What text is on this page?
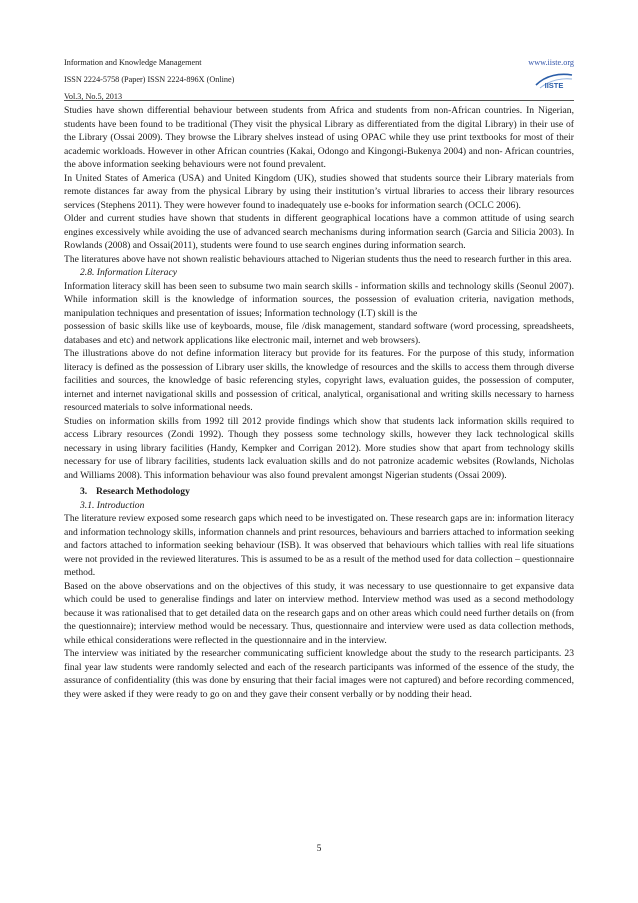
Information and Knowledge Management
ISSN 2224-5758 (Paper) ISSN 2224-896X (Online)
Vol.3, No.5, 2013
www.iiste.org
IISTE

Studies have shown differential behaviour between students from Africa and students from non-African countries. In Nigerian, students have been found to be traditional (They visit the physical Library as differentiated from the digital Library) in their use of the Library (Ossai 2009). They browse the Library shelves instead of using OPAC while they use print textbooks for most of their academic workloads. However in other African countries (Kakai, Odongo and Kingongi-Bukenya 2004) and non- African countries, the above information seeking behaviours were not found prevalent.

In United States of America (USA) and United Kingdom (UK), studies showed that students source their Library materials from remote distances far away from the physical Library by using their institution’s virtual libraries to access their library resources services (Stephens 2011). They were however found to inadequately use e-books for information search (OCLC 2006).

Older and current studies have shown that students in different geographical locations have a common attitude of using search engines excessively while avoiding the use of advanced search mechanisms during information search (Garcia and Silicia 2003). In Rowlands (2008) and Ossai(2011), students were found to use search engines during information search.

The literatures above have not shown realistic behaviours attached to Nigerian students thus the need to research further in this area.

2.8. Information Literacy

Information literacy skill has been seen to subsume two main search skills - information skills and technology skills (Seonul 2007). While information skill is the knowledge of information sources, the possession of evaluation criteria, navigation methods, manipulation techniques and presentation of issues; Information technology (I.T) skill is the

possession of basic skills like use of keyboards, mouse, file /disk management, standard software (word processing, spreadsheets, databases and etc) and network applications like electronic mail, internet and web browsers).

The illustrations above do not define information literacy but provide for its features. For the purpose of this study, information literacy is defined as the possession of Library user skills, the knowledge of resources and the skills to access them through diverse facilities and sources, the knowledge of basic referencing styles, copyright laws, evaluation guides, the possession of computer, internet and internet navigational skills and possession of critical, analytical, organisational and writing skills necessary to harness resourced materials to solve informational needs.

Studies on information skills from 1992 till 2012 provide findings which show that students lack information skills required to access Library resources (Zondi 1992). Though they possess some technology skills, however they lack technological skills necessary in using library facilities (Handy, Kempker and Corrigan 2012). More studies show that apart from technology skills necessary for use of library facilities, students lack evaluation skills and do not patronize academic websites (Rowlands, Nicholas and Williams 2008). This information behaviour was also found prevalent amongst Nigerian students (Ossai 2009).

3. Research Methodology

3.1. Introduction

The literature review exposed some research gaps which need to be investigated on. These research gaps are in: information literacy and information technology skills, information channels and print resources, behaviours and barriers attached to information seeking and factors attached to information seeking behaviour (ISB). It was observed that behaviours which tallies with real life situations were not provided in the reviewed literatures. This is assumed to be as a result of the method used for data collection – questionnaire method.

Based on the above observations and on the objectives of this study, it was necessary to use questionnaire to get expansive data which could be used to generalise findings and later on interview method. Interview method was used as a second methodology because it was rationalised that to get detailed data on the research gaps and on other areas which could need further details on (from the questionnaire); interview method would be necessary. Thus, questionnaire and interview were used as data collection methods, while ethical considerations were reflected in the questionnaire and in the interview.

The interview was initiated by the researcher communicating sufficient knowledge about the study to the research participants. 23 final year law students were randomly selected and each of the research participants was informed of the essence of the study, the assurance of confidentiality (this was done by ensuring that their facial images were not captured) and before recording commenced, they were asked if they were ready to go on and they gave their consent verbally or by nodding their head.

5
